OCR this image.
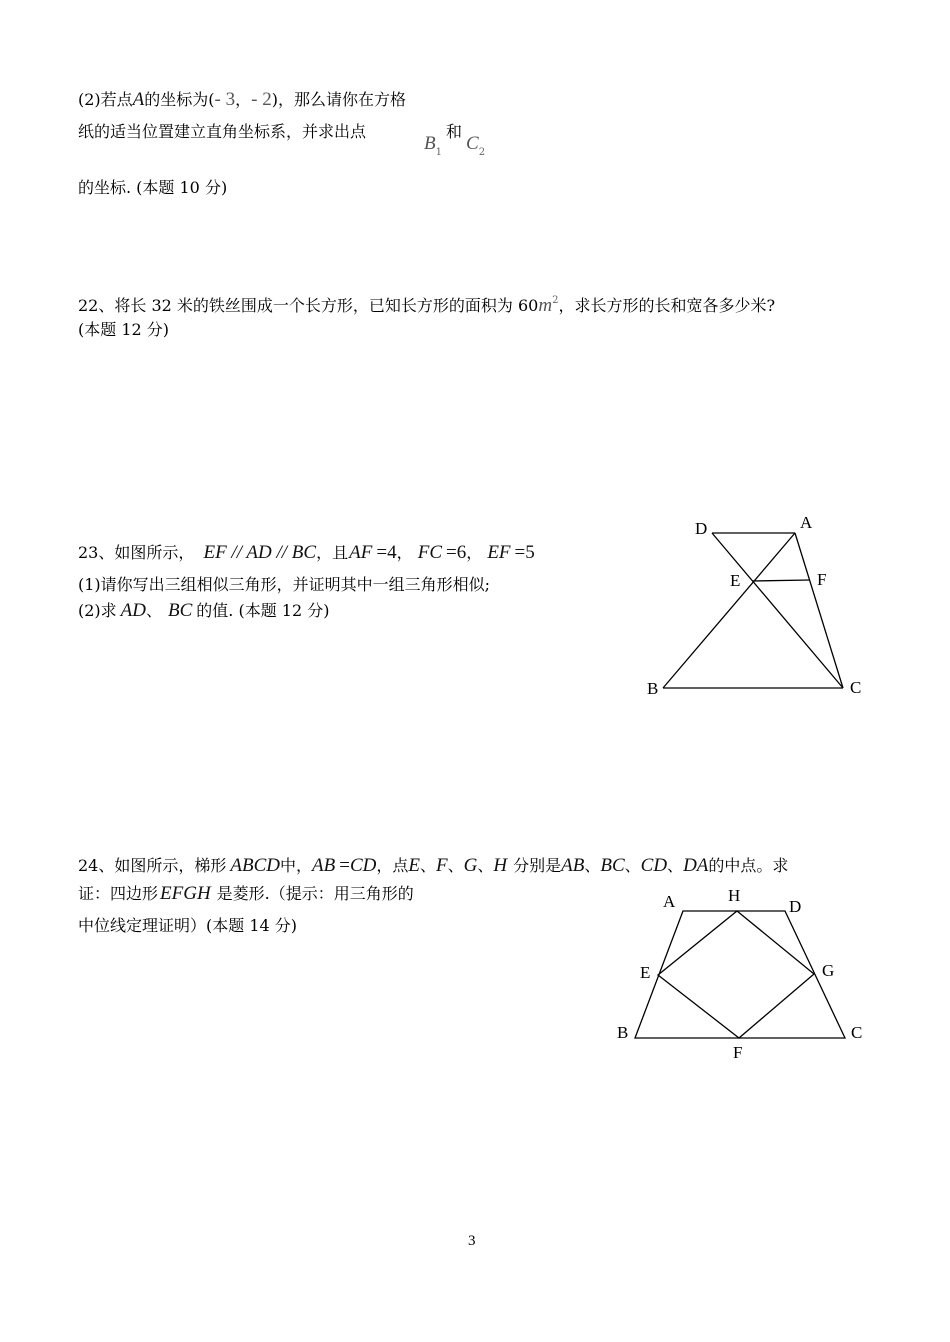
(2)若点A的坐标为(- 3，- 2)，那么请你在方格
纸的适当位置建立直角坐标系，并求出点
$B_1$
和
$C_2$
的坐标. (本题 10 分)
22、将长 32 米的铁丝围成一个长方形，已知长方形的面积为 $60m^2$，求长方形的长和宽各多少米?
(本题 12 分)
23、如图所示， EF // AD // BC，且 AF =4， FC =6， EF =5
(1)请你写出三组相似三角形，并证明其中一组三角形相似;
(2)求 AD、 BC 的值. (本题 12 分)
D	A
E	F
B	C
24、如图所示，梯形 ABCD中，AB =CD，点E、F、G、H 分别是AB、BC、CD、DA的中点。求
证：四边形 EFGH 是菱形.（提示：用三角形的
中位线定理证明）(本题 14 分)
A	H
D
E	G
B
F
C
3
